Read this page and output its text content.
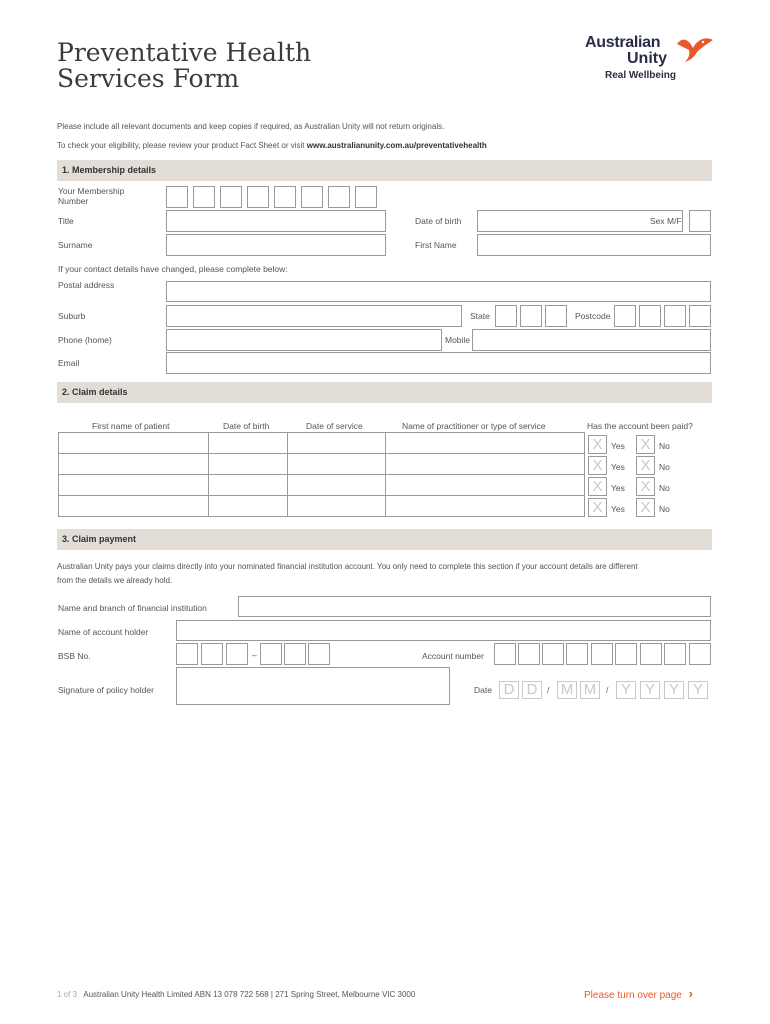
Preventative Health
Services Form
Australian
Unity
Real Wellbeing
Please include all relevant documents and keep copies if required, as Australian Unity will not return originals.
To check your eligibility, please review your product Fact Sheet or visit www.australianunity.com.au/preventativehealth
1. Membership details
Your Membership
Number
Title	Date of birth	Sex M/F
Surname	First Name
If your contact details have changed, please complete below:
Postal address
Suburb	State	Postcode
Phone (home)	Mobile
Email
2. Claim details
First name of patient	Date of birth	Date of service	Name of practitioner or type of service	Has the account been paid?

X	Yes X	No
X	Yes X	No
X	Yes X	No
X	Yes X	No
3. Claim payment
Australian Unity pays your claims directly into your nominated financial institution account. You only need to complete this section if your account details are different
from the details we already hold.
Name and branch of financial institution
Name of account holder
BSB No.	–	Account number
Signature of policy holder	Date D D	/ M M	/ Y Y Y Y
1 of 3 Australian Unity Health Limited ABN 13 078 722 568 | 271 Spring Street, Melbourne VIC 3000	Please turn over page ›
